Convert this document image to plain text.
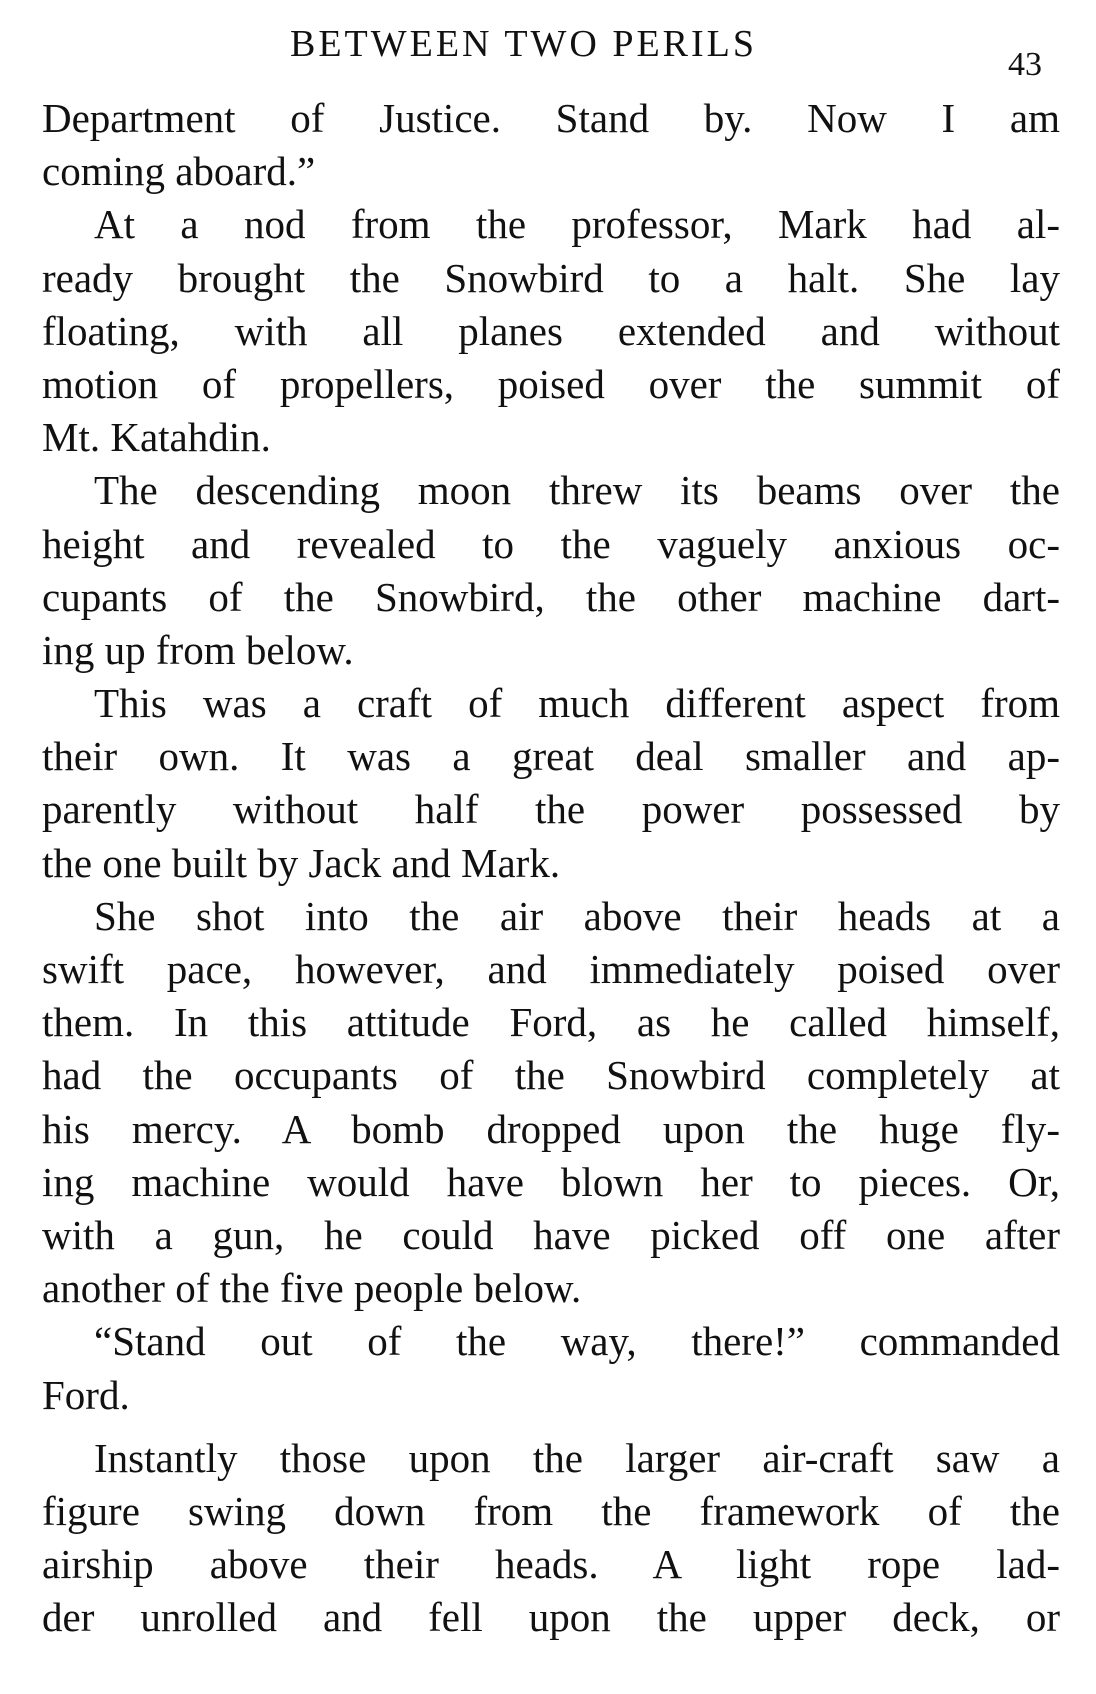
BETWEEN TWO PERILS	43
Department of Justice. Stand by. Now I am
coming aboard.”
At a nod from the professor, Mark had al-
ready brought the Snowbird to a halt. She lay
floating, with all planes extended and without
motion of propellers, poised over the summit of
Mt. Katahdin.
The descending moon threw its beams over the
height and revealed to the vaguely anxious oc-
cupants of the Snowbird, the other machine dart-
ing up from below.
This was a craft of much different aspect from
their own. It was a great deal smaller and ap-
parently without half the power possessed by
the one built by Jack and Mark.
She shot into the air above their heads at a
swift pace, however, and immediately poised over
them. In this attitude Ford, as he called himself,
had the occupants of the Snowbird completely at
his mercy. A bomb dropped upon the huge fly-
ing machine would have blown her to pieces. Or,
with a gun, he could have picked off one after
another of the five people below.
“Stand out of the way, there!” commanded
Ford.
Instantly those upon the larger air-craft saw a
figure swing down from the framework of the
airship above their heads. A light rope lad-
der unrolled and fell upon the upper deck, or
